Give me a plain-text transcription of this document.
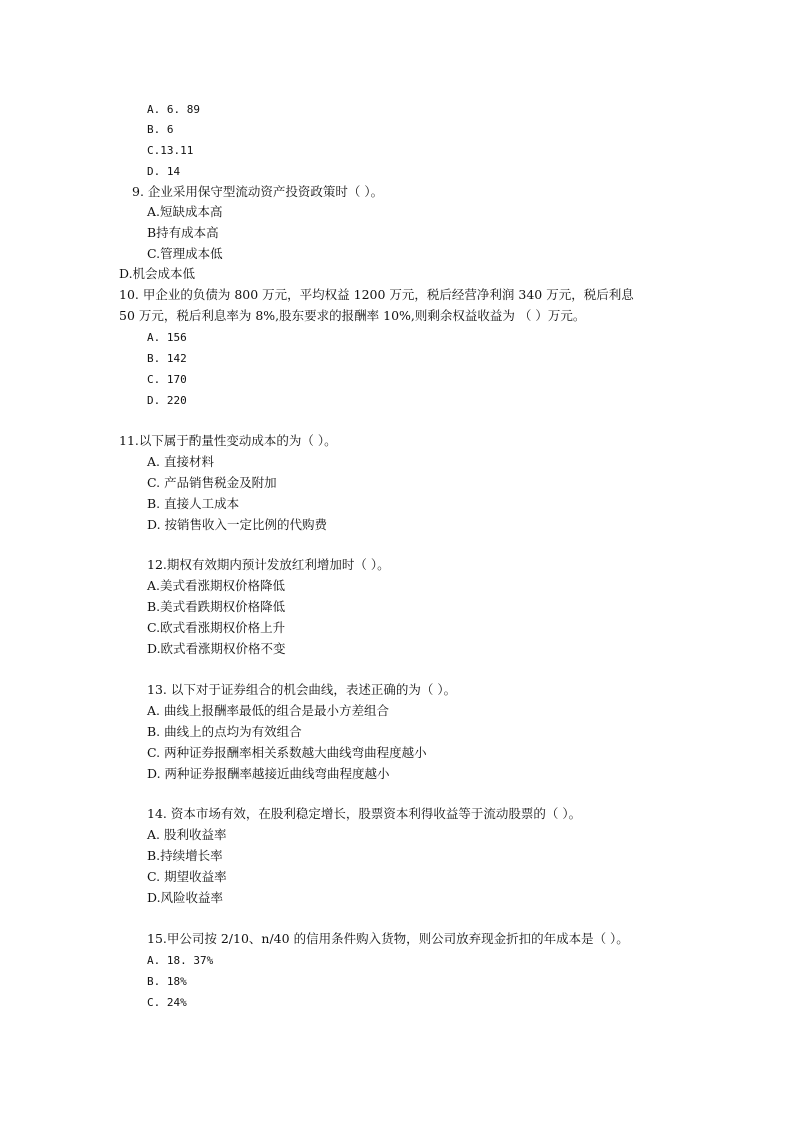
A. 6. 89
B. 6
C.13.11
D. 14
9. 企业采用保守型流动资产投资政策时（ ）。
A.短缺成本高
B持有成本高
C.管理成本低
D.机会成本低
10. 甲企业的负债为 800 万元，平均权益 1200 万元，税后经营净利润 340 万元，税后利息
50 万元，税后利息率为 8%,股东要求的报酬率 10%,则剩余权益收益为 （ ）万元。
A. 156
B. 142
C. 170
D. 220
11.以下属于酌量性变动成本的为（ ）。
A. 直接材料
C. 产品销售税金及附加
B. 直接人工成本
D. 按销售收入一定比例的代购费
12.期权有效期内预计发放红利增加时（ ）。
A.美式看涨期权价格降低
B.美式看跌期权价格降低
C.欧式看涨期权价格上升
D.欧式看涨期权价格不变
13. 以下对于证券组合的机会曲线，表述正确的为（ ）。
A. 曲线上报酬率最低的组合是最小方差组合
B. 曲线上的点均为有效组合
C. 两种证券报酬率相关系数越大曲线弯曲程度越小
D. 两种证券报酬率越接近曲线弯曲程度越小
14. 资本市场有效，在股利稳定增长，股票资本利得收益等于流动股票的（ ）。
A. 股利收益率
B.持续增长率
C. 期望收益率
D.风险收益率
15.甲公司按 2/10、n/40 的信用条件购入货物，则公司放弃现金折扣的年成本是（ ）。
A. 18. 37%
B. 18%
C. 24%
